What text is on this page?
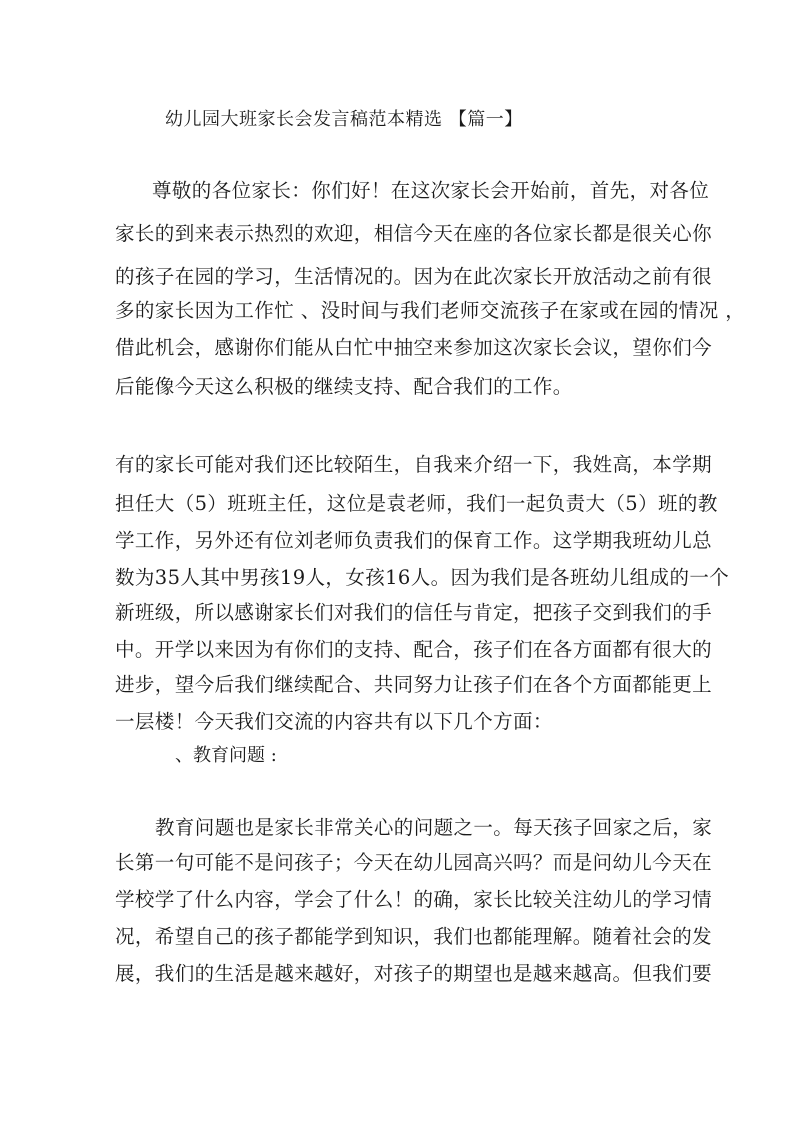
幼儿园大班家长会发言稿范本精选 【篇一】
尊敬的各位家长：你们好！在这次家长会开始前，首先，对各位
家长的到来表示热烈的欢迎，相信今天在座的各位家长都是很关心你
的孩子在园的学习，生活情况的。因为在此次家长开放活动之前有很
多的家长因为工作忙 、没时间与我们老师交流孩子在家或在园的情况 ，
借此机会，感谢你们能从白忙中抽空来参加这次家长会议，望你们今
后能像今天这么积极的继续支持、配合我们的工作。
有的家长可能对我们还比较陌生，自我来介绍一下，我姓高，本学期
担任大（5）班班主任，这位是袁老师，我们一起负责大（5）班的教
学工作，另外还有位刘老师负责我们的保育工作。这学期我班幼儿总
数为35人其中男孩19人，女孩16人。因为我们是各班幼儿组成的一个
新班级，所以感谢家长们对我们的信任与肯定，把孩子交到我们的手
中。开学以来因为有你们的支持、配合，孩子们在各方面都有很大的
进步，望今后我们继续配合、共同努力让孩子们在各个方面都能更上
一层楼！今天我们交流的内容共有以下几个方面：
、教育问题 :
教育问题也是家长非常关心的问题之一。每天孩子回家之后，家
长第一句可能不是问孩子；今天在幼儿园高兴吗？而是问幼儿今天在
学校学了什么内容，学会了什么！的确，家长比较关注幼儿的学习情
况，希望自己的孩子都能学到知识，我们也都能理解。随着社会的发
展，我们的生活是越来越好，对孩子的期望也是越来越高。但我们要
